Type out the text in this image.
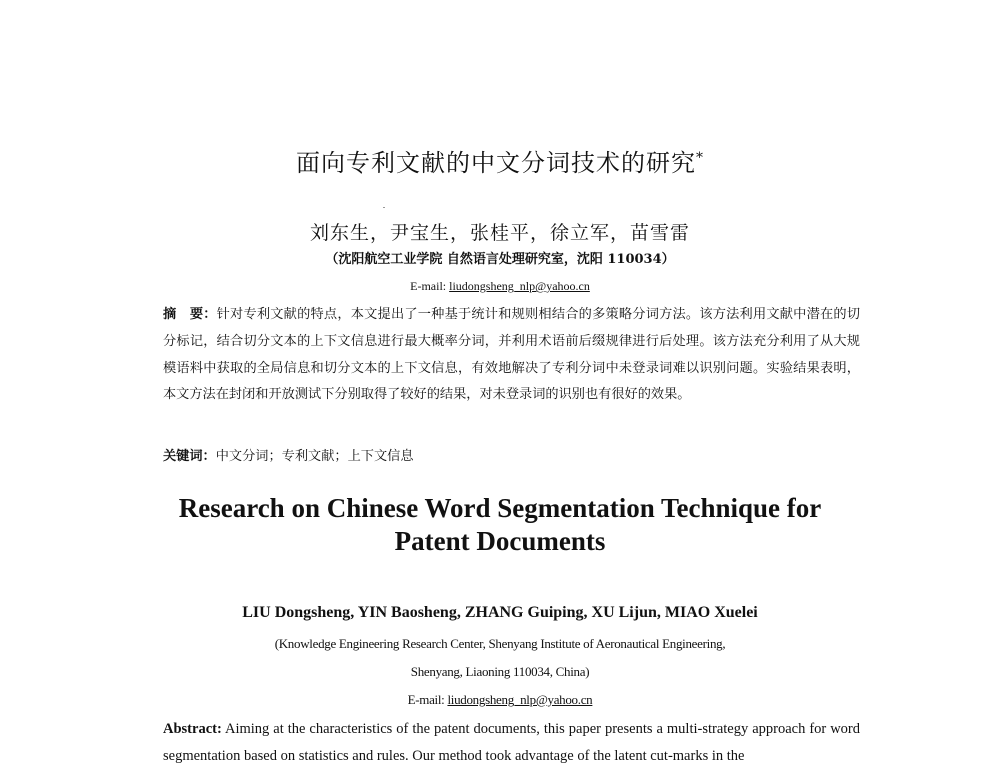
面向专利文献的中文分词技术的研究*
刘东生，尹宝生，张桂平，徐立军，苗雪雷
（沈阳航空工业学院 自然语言处理研究室，沈阳 110034）
E-mail: liudongsheng_nlp@yahoo.cn
摘　要：针对专利文献的特点，本文提出了一种基于统计和规则相结合的多策略分词方法。该方法利用文献中潜在的切分标记，结合切分文本的上下文信息进行最大概率分词，并利用术语前后缀规律进行后处理。该方法充分利用了从大规模语料中获取的全局信息和切分文本的上下文信息，有效地解决了专利分词中未登录词难以识别问题。实验结果表明，本文方法在封闭和开放测试下分别取得了较好的结果，对未登录词的识别也有很好的效果。
关键词：中文分词；专利文献；上下文信息
Research on Chinese Word Segmentation Technique for Patent Documents
LIU Dongsheng, YIN Baosheng, ZHANG Guiping, XU Lijun, MIAO Xuelei
(Knowledge Engineering Research Center, Shenyang Institute of Aeronautical Engineering,
Shenyang, Liaoning 110034, China)
E-mail: liudongsheng_nlp@yahoo.cn
Abstract: Aiming at the characteristics of the patent documents, this paper presents a multi-strategy approach for word segmentation based on statistics and rules. Our method took advantage of the latent cut-marks in the
